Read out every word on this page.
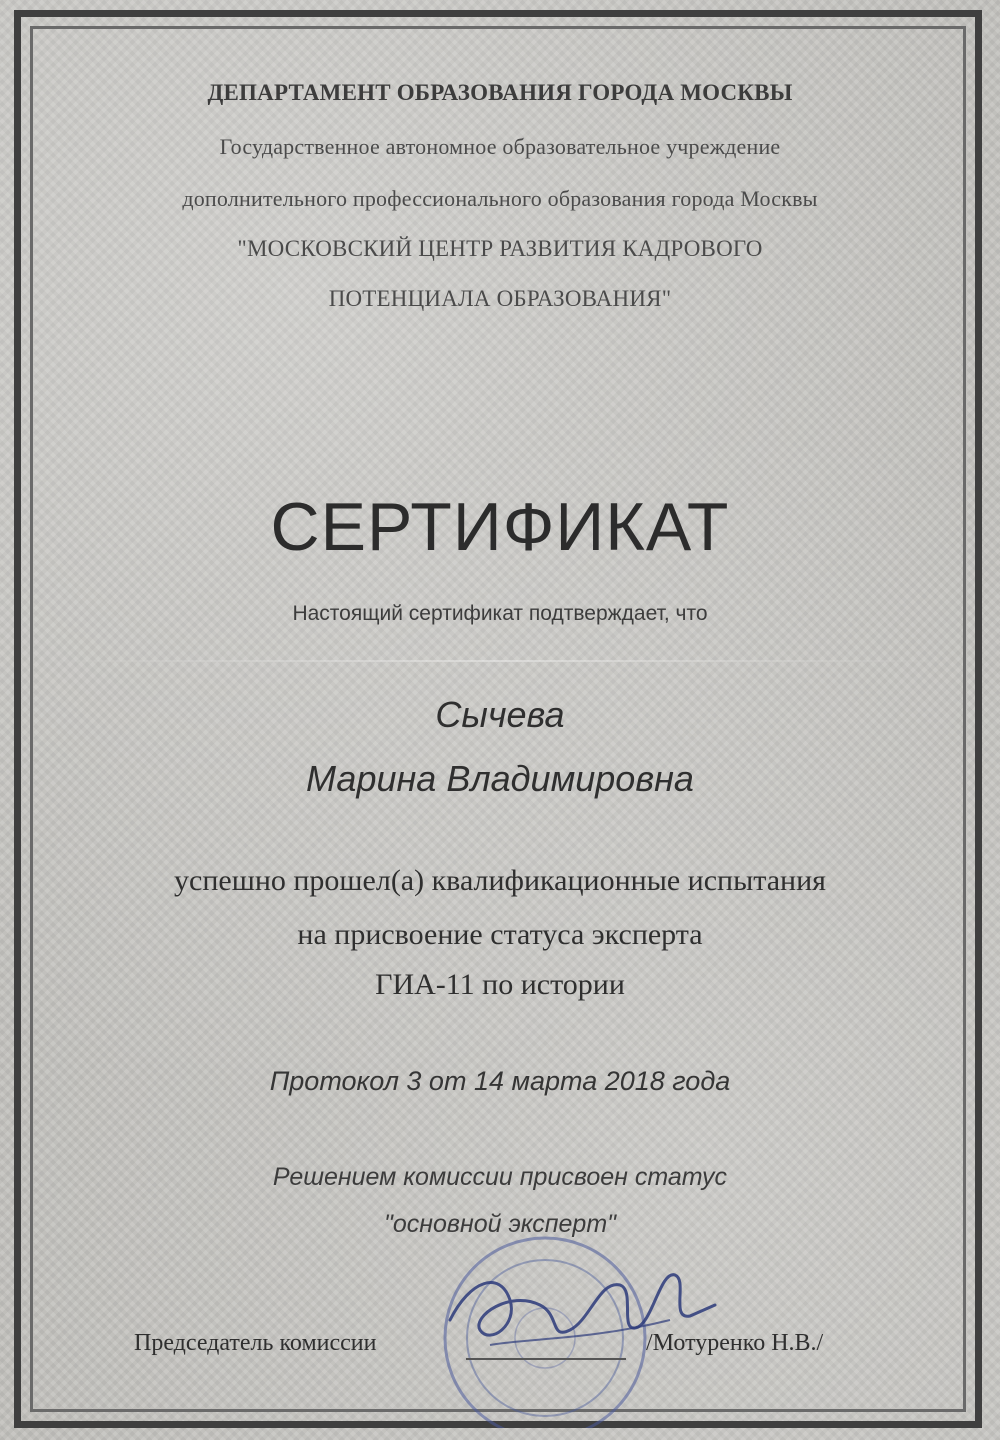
ДЕПАРТАМЕНТ ОБРАЗОВАНИЯ ГОРОДА МОСКВЫ
Государственное автономное образовательное учреждение
дополнительного профессионального образования города Москвы
"МОСКОВСКИЙ ЦЕНТР РАЗВИТИЯ КАДРОВОГО
ПОТЕНЦИАЛА ОБРАЗОВАНИЯ"
СЕРТИФИКАТ
Настоящий сертификат подтверждает, что
Сычева
Марина Владимировна
успешно прошел(а) квалификационные испытания
на присвоение статуса эксперта
ГИА-11 по истории
Протокол 3 от 14 марта 2018 года
Решением комиссии присвоен статус
"основной эксперт"
Председатель комиссии	/Мотуренко Н.В./
